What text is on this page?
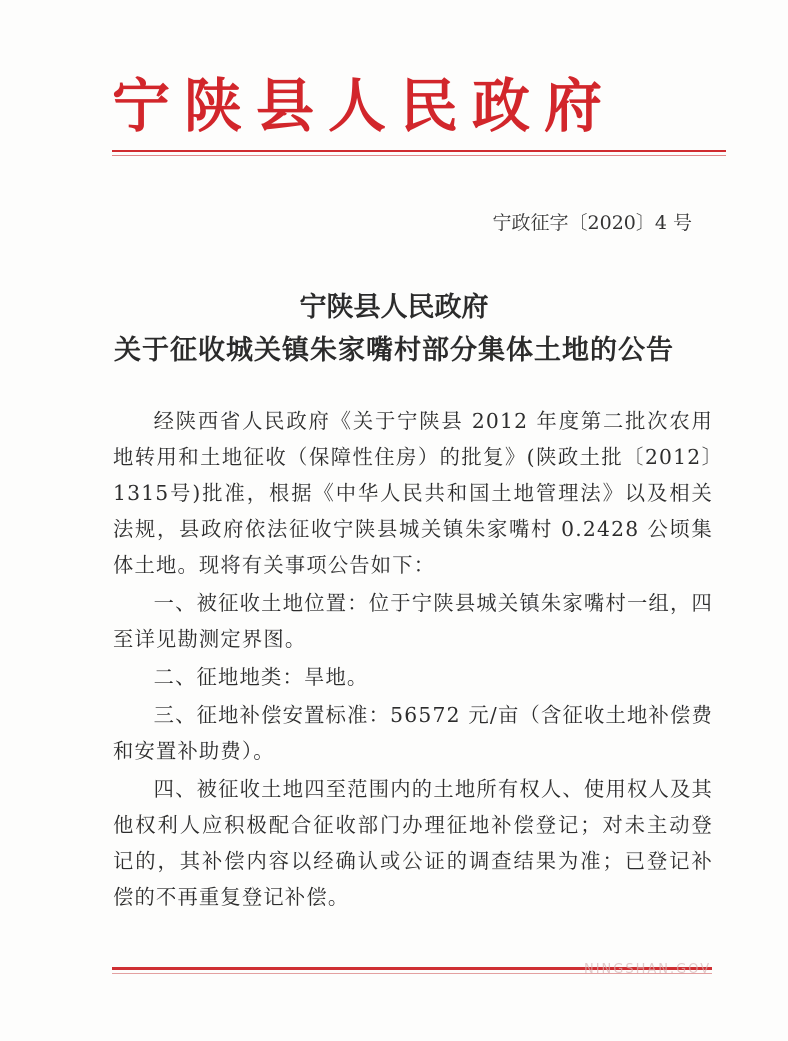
宁陕县人民政府
宁政征字〔2020〕4 号
宁陕县人民政府
关于征收城关镇朱家嘴村部分集体土地的公告

经陕西省人民政府《关于宁陕县 2012 年度第二批次农用地转用和土地征收（保障性住房）的批复》(陕政土批〔2012〕1315号)批准，根据《中华人民共和国土地管理法》以及相关法规，县政府依法征收宁陕县城关镇朱家嘴村 0.2428 公顷集体土地。现将有关事项公告如下：

一、被征收土地位置：位于宁陕县城关镇朱家嘴村一组，四至详见勘测定界图。

二、征地地类：旱地。

三、征地补偿安置标准：56572 元/亩（含征收土地补偿费和安置补助费）。

四、被征收土地四至范围内的土地所有权人、使用权人及其他权利人应积极配合征收部门办理征地补偿登记；对未主动登记的，其补偿内容以经确认或公证的调查结果为准；已登记补偿的不再重复登记补偿。

NINGSHAN.GOV
